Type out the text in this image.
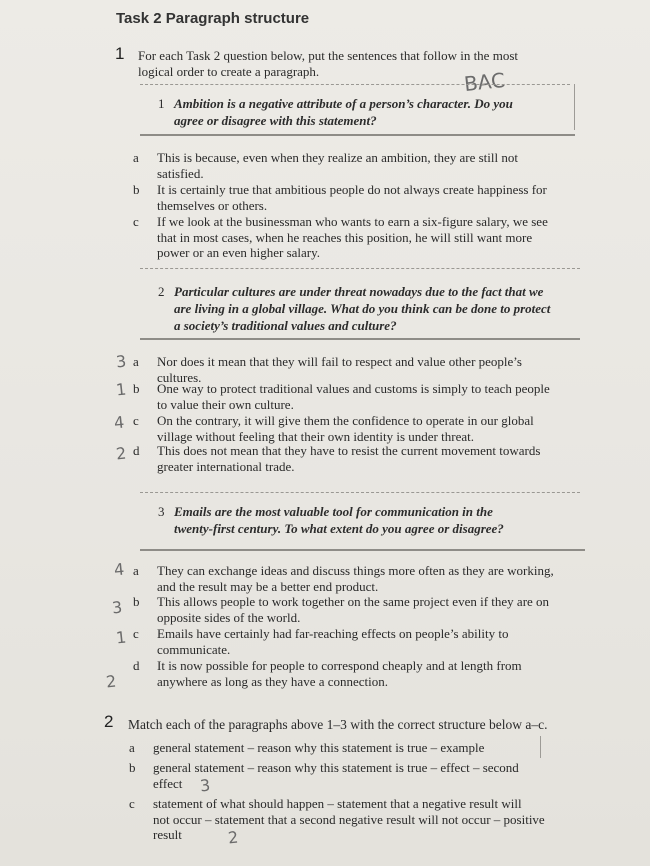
Task 2 Paragraph structure
1 For each Task 2 question below, put the sentences that follow in the most
logical order to create a paragraph.	BAC
1 Ambition is a negative attribute of a person’s character. Do you
agree or disagree with this statement?
a This is because, even when they realize an ambition, they are still not
satisfied.
b It is certainly true that ambitious people do not always create happiness for
themselves or others.
c If we look at the businessman who wants to earn a six-figure salary, we see
that in most cases, when he reaches this position, he will still want more
power or an even higher salary.
2 Particular cultures are under threat nowadays due to the fact that we
are living in a global village. What do you think can be done to protect
a society’s traditional values and culture?
3 a Nor does it mean that they will fail to respect and value other people’s
cultures.
1 b One way to protect traditional values and customs is simply to teach people
to value their own culture.
4 c On the contrary, it will give them the confidence to operate in our global
village without feeling that their own identity is under threat.
2 d This does not mean that they have to resist the current movement towards
greater international trade.
3 Emails are the most valuable tool for communication in the
twenty-first century. To what extent do you agree or disagree?
4 a They can exchange ideas and discuss things more often as they are working,
and the result may be a better end product.
3 b This allows people to work together on the same project even if they are on
opposite sides of the world.
1 c Emails have certainly had far-reaching effects on people’s ability to
communicate.
2
d It is now possible for people to correspond cheaply and at length from
anywhere as long as they have a connection.
2 Match each of the paragraphs above 1–3 with the correct structure below a–c.
a general statement – reason why this statement is true – example
b general statement – reason why this statement is true – effect – second
effect	3
c statement of what should happen – statement that a negative result will
not occur – statement that a second negative result will not occur – positive
result	2
